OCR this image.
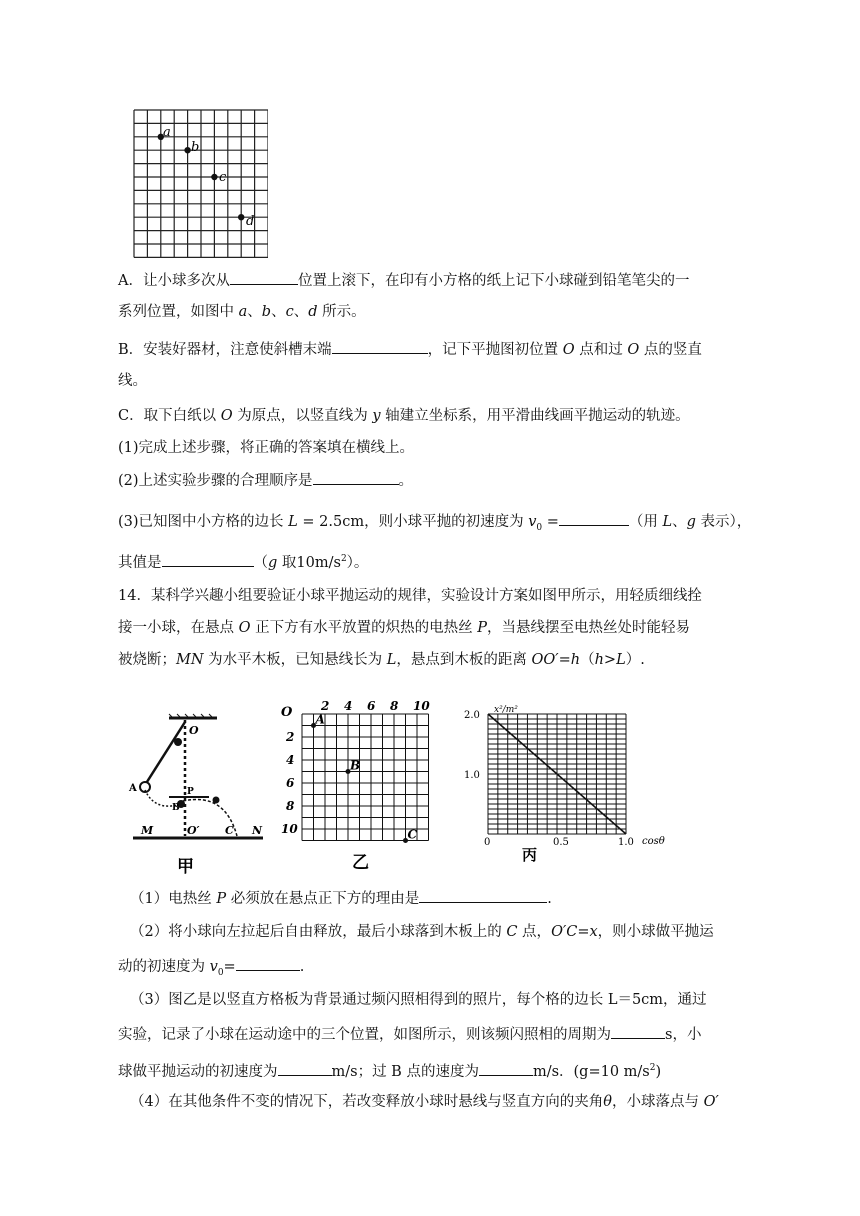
a
b
c
d
A．让小球多次从	位置上滚下，在印有小方格的纸上记下小球碰到铅笔笔尖的一
系列位置，如图中 a、b、c、d 所示。
B．安装好器材，注意使斜槽末端	，记下平抛图初位置 O 点和过 O 点的竖直
线。
C．取下白纸以 O 为原点，以竖直线为 y 轴建立坐标系，用平滑曲线画平抛运动的轨迹。
(1)完成上述步骤，将正确的答案填在横线上。
(2)上述实验步骤的合理顺序是	。
(3)已知图中小方格的边长 L = 2.5cm，则小球平抛的初速度为 $v_0$ =	（用 L、g 表示），
其值是	（g 取$10m/s^2$）。
14．某科学兴趣小组要验证小球平抛运动的规律，实验设计方案如图甲所示，用轻质细线拴
接一小球，在悬点 O 正下方有水平放置的炽热的电热丝 P，当悬线摆至电热丝处时能轻易
被烧断；MN 为水平木板，已知悬线长为 L，悬点到木板的距离 OO′=h（h>L）.
O
P
B
A
M	O′ C N
甲
2 4 6 8 10
2
4
6
8
10
A
B
C
O
乙
2.0
1.0
0	0.5	1.0
x²/m²
cosθ
丙
（1）电热丝 P 必须放在悬点正下方的理由是	.
（2）将小球向左拉起后自由释放，最后小球落到木板上的 C 点，O′C=x，则小球做平抛运
动的初速度为 $v_0=$	.
（3）图乙是以竖直方格板为背景通过频闪照相得到的照片，每个格的边长 L＝5cm，通过
实验，记录了小球在运动途中的三个位置，如图所示，则该频闪照相的周期为	s，小
球做平抛运动的初速度为	m/s；过 B 点的速度为	m/s．(g=10 $m/s^2$)
（4）在其他条件不变的情况下，若改变释放小球时悬线与竖直方向的夹角θ，小球落点与 O′
